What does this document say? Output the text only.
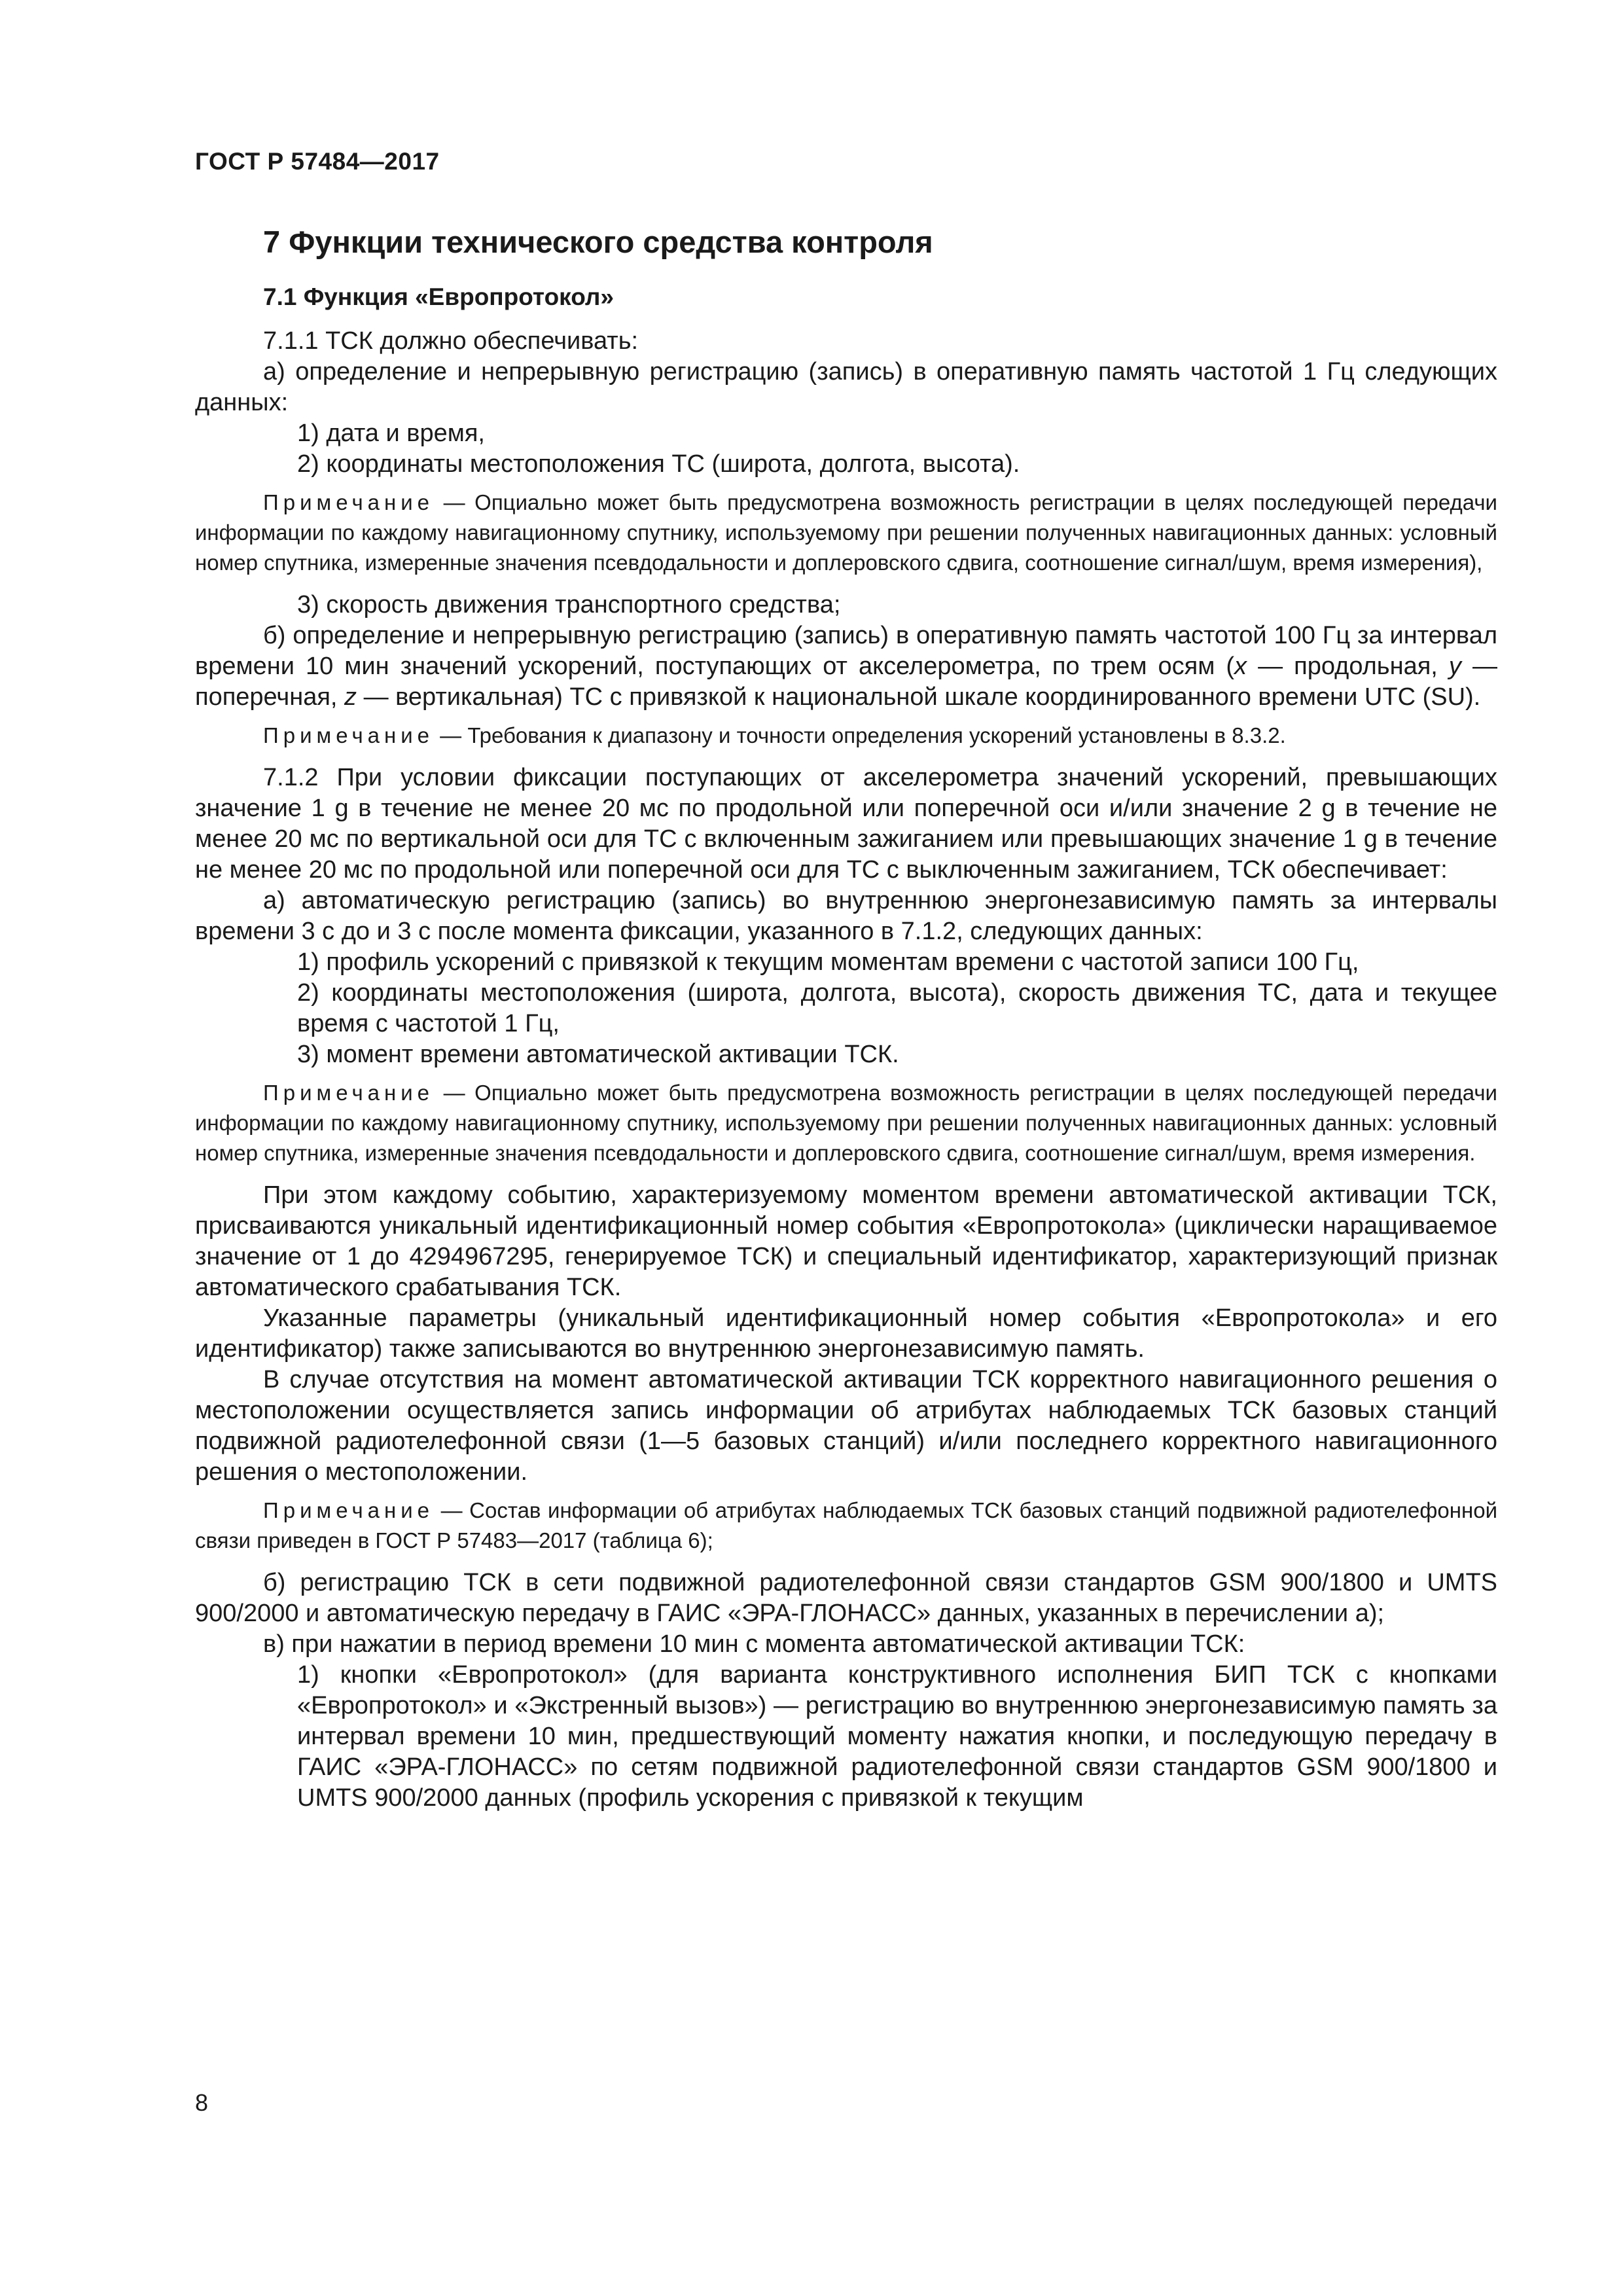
ГОСТ Р 57484—2017
7 Функции технического средства контроля
7.1 Функция «Европротокол»

7.1.1 ТСК должно обеспечивать:

а) определение и непрерывную регистрацию (запись) в оперативную память частотой 1 Гц следующих данных:

1) дата и время,

2) координаты местоположения ТС (широта, долгота, высота).

Примечание — Опциально может быть предусмотрена возможность регистрации в целях последующей передачи информации по каждому навигационному спутнику, используемому при решении полученных навигационных данных: условный номер спутника, измеренные значения псевдодальности и доплеровского сдвига, соотношение сигнал/шум, время измерения),

3) скорость движения транспортного средства;

б) определение и непрерывную регистрацию (запись) в оперативную память частотой 100 Гц за интервал времени 10 мин значений ускорений, поступающих от акселерометра, по трем осям (x — продольная, y — поперечная, z — вертикальная) ТС с привязкой к национальной шкале координированного времени UTC (SU).

Примечание — Требования к диапазону и точности определения ускорений установлены в 8.3.2.

7.1.2 При условии фиксации поступающих от акселерометра значений ускорений, превышающих значение 1 g в течение не менее 20 мс по продольной или поперечной оси и/или значение 2 g в течение не менее 20 мс по вертикальной оси для ТС с включенным зажиганием или превышающих значение 1 g в течение не менее 20 мс по продольной или поперечной оси для ТС с выключенным зажиганием, ТСК обеспечивает:

а) автоматическую регистрацию (запись) во внутреннюю энергонезависимую память за интервалы времени 3 с до и 3 с после момента фиксации, указанного в 7.1.2, следующих данных:

1) профиль ускорений с привязкой к текущим моментам времени с частотой записи 100 Гц,

2) координаты местоположения (широта, долгота, высота), скорость движения ТС, дата и текущее время с частотой 1 Гц,

3) момент времени автоматической активации ТСК.

Примечание — Опциально может быть предусмотрена возможность регистрации в целях последующей передачи информации по каждому навигационному спутнику, используемому при решении полученных навигационных данных: условный номер спутника, измеренные значения псевдодальности и доплеровского сдвига, соотношение сигнал/шум, время измерения.

При этом каждому событию, характеризуемому моментом времени автоматической активации ТСК, присваиваются уникальный идентификационный номер события «Европротокола» (циклически наращиваемое значение от 1 до 4294967295, генерируемое ТСК) и специальный идентификатор, характеризующий признак автоматического срабатывания ТСК.

Указанные параметры (уникальный идентификационный номер события «Европротокола» и его идентификатор) также записываются во внутреннюю энергонезависимую память.

В случае отсутствия на момент автоматической активации ТСК корректного навигационного решения о местоположении осуществляется запись информации об атрибутах наблюдаемых ТСК базовых станций подвижной радиотелефонной связи (1—5 базовых станций) и/или последнего корректного навигационного решения о местоположении.

Примечание — Состав информации об атрибутах наблюдаемых ТСК базовых станций подвижной радиотелефонной связи приведен в ГОСТ Р 57483—2017 (таблица 6);

б) регистрацию ТСК в сети подвижной радиотелефонной связи стандартов GSM 900/1800 и UMTS 900/2000 и автоматическую передачу в ГАИС «ЭРА-ГЛОНАСС» данных, указанных в перечислении а);

в) при нажатии в период времени 10 мин с момента автоматической активации ТСК:

1) кнопки «Европротокол» (для варианта конструктивного исполнения БИП ТСК с кнопками «Европротокол» и «Экстренный вызов») — регистрацию во внутреннюю энергонезависимую память за интервал времени 10 мин, предшествующий моменту нажатия кнопки, и последующую передачу в ГАИС «ЭРА-ГЛОНАСС» по сетям подвижной радиотелефонной связи стандартов GSM 900/1800 и UMTS 900/2000 данных (профиль ускорения с привязкой к текущим

8
